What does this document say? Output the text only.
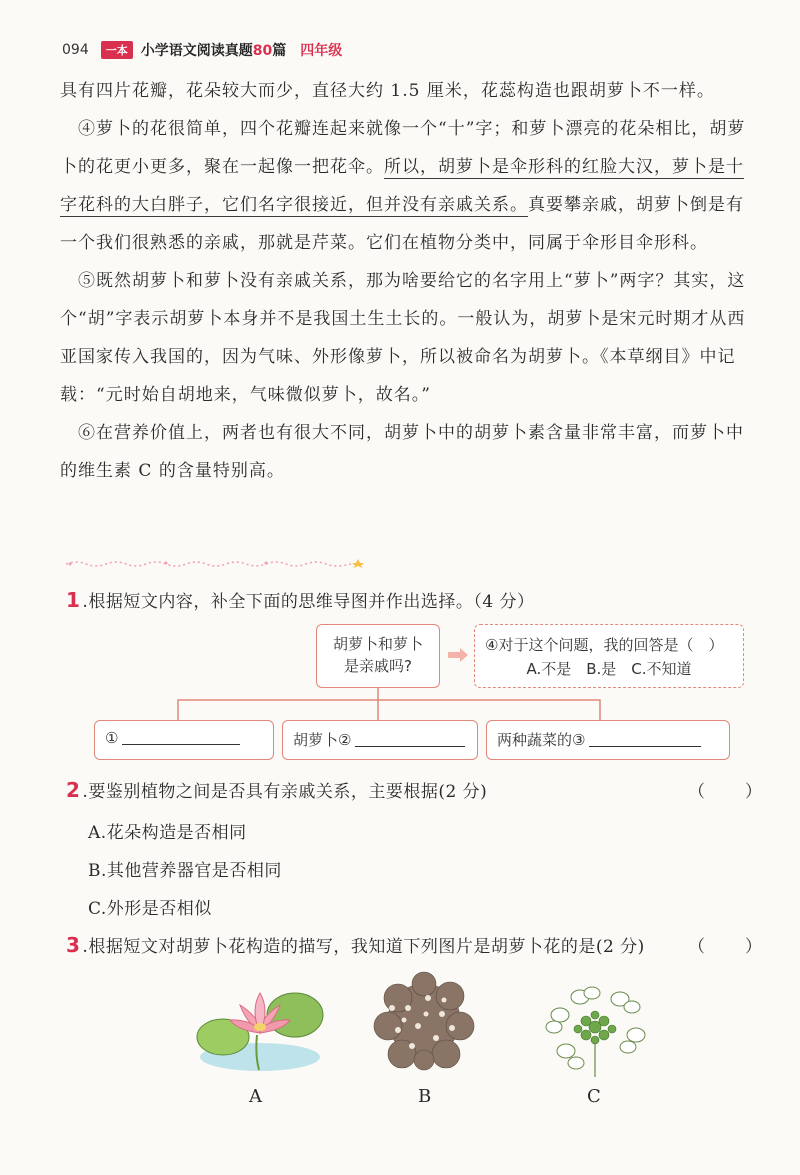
094	一本 小学语文阅读真题80篇 四年级

具有四片花瓣，花朵较大而少，直径大约 1.5 厘米，花蕊构造也跟胡萝卜不一样。

④萝卜的花很简单，四个花瓣连起来就像一个“十”字；和萝卜漂亮的花朵相比，胡萝卜的花更小更多，聚在一起像一把花伞。所以，胡萝卜是伞形科的红脸大汉，萝卜是十字花科的大白胖子，它们名字很接近，但并没有亲戚关系。真要攀亲戚，胡萝卜倒是有一个我们很熟悉的亲戚，那就是芹菜。它们在植物分类中，同属于伞形目伞形科。

⑤既然胡萝卜和萝卜没有亲戚关系，那为啥要给它的名字用上“萝卜”两字？其实，这个“胡”字表示胡萝卜本身并不是我国土生土长的。一般认为，胡萝卜是宋元时期才从西亚国家传入我国的，因为气味、外形像萝卜，所以被命名为胡萝卜。《本草纲目》中记载：“元时始自胡地来，气味微似萝卜，故名。”

⑥在营养价值上，两者也有很大不同，胡萝卜中的胡萝卜素含量非常丰富，而萝卜中的维生素 C 的含量特别高。

1 .根据短文内容，补全下面的思维导图并作出选择。（4 分）
胡萝卜和萝卜是亲戚吗?
④对于这个问题，我的回答是（　）
A.不是　B.是　C.不知道
①	胡萝卜②	两种蔬菜的③
2 .要鉴别植物之间是否具有亲戚关系，主要根据(2 分)	（　　）
A.花朵构造是否相同
B.其他营养器官是否相同
C.外形是否相似
3 .根据短文对胡萝卜花构造的描写，我知道下列图片是胡萝卜花的是(2 分)	（　　）
A	B	C
